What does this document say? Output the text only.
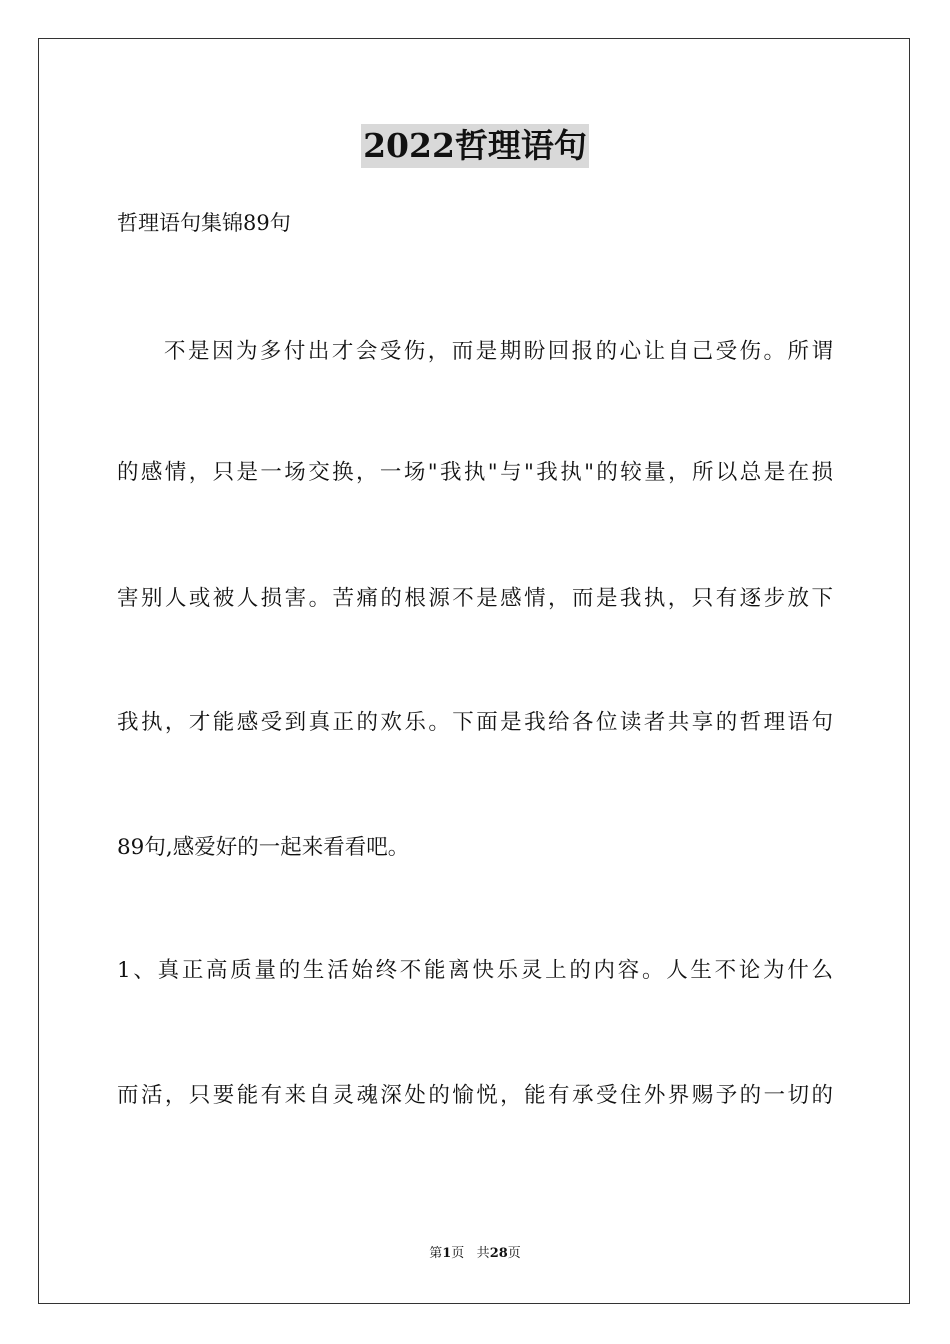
2022哲理语句
哲理语句集锦89句
不是因为多付出才会受伤，而是期盼回报的心让自己受伤。所谓
的感情，只是一场交换，一场"我执"与"我执"的较量，所以总是在损
害别人或被人损害。苦痛的根源不是感情，而是我执，只有逐步放下
我执，才能感受到真正的欢乐。下面是我给各位读者共享的哲理语句
89句,感爱好的一起来看看吧。
1、真正高质量的生活始终不能离快乐灵上的内容。人生不论为什么
而活，只要能有来自灵魂深处的愉悦，能有承受住外界赐予的一切的
第1页 共28页
